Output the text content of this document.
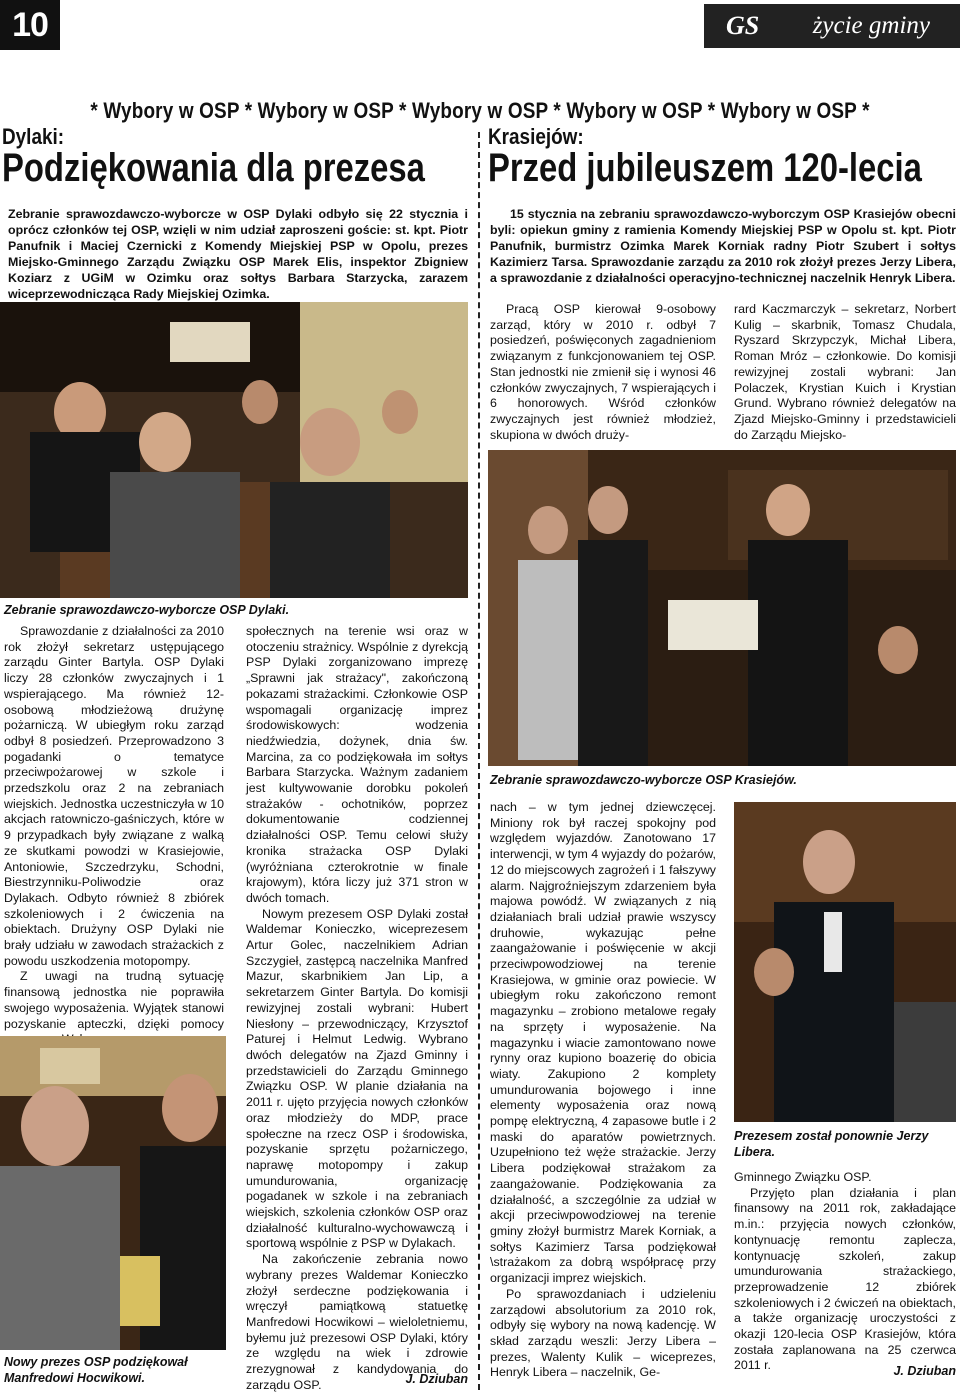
10	GS życie gminy
* Wybory w OSP * Wybory w OSP * Wybory w OSP * Wybory w OSP * Wybory w OSP *
Dylaki:
Podziękowania dla prezesa
Zebranie sprawozdawczo-wyborcze w OSP Dylaki odbyło się 22 stycznia i oprócz członków tej OSP, wzięli w nim udział zaproszeni goście: st. kpt. Piotr Panufnik i Maciej Czernicki z Komendy Miejskiej PSP w Opolu, prezes Miejsko-Gminnego Zarządu Związku OSP Marek Elis, inspektor Zbigniew Koziarz z UGiM w Ozimku oraz sołtys Barbara Starzycka, zarazem wiceprzewodnicząca Rady Miejskiej Ozimka.
Zebranie sprawozdawczo-wyborcze OSP Dylaki.

Sprawozdanie z działalności za 2010 rok złożył sekretarz ustępującego zarządu Ginter Bartyla. OSP Dylaki liczy 28 członków zwyczajnych i 1 wspierającego. Ma również 12-osobową młodzieżową drużynę pożarniczą. W ubiegłym roku zarząd odbył 8 posiedzeń. Przeprowadzono 3 pogadanki o tematyce przeciwpożarowej w szkole i przedszkolu oraz 2 na zebraniach wiejskich. Jednostka uczestniczyła w 10 akcjach ratowniczo-gaśniczych, które w 9 przypadkach były związane z walką ze skutkami powodzi w Krasiejowie, Antoniowie, Szczedrzyku, Schodni, Biestrzynniku-Poliwodzie oraz Dylakach. Odbyto również 8 zbiórek szkoleniowych i 2 ćwiczenia na obiektach. Drużyny OSP Dylaki nie brały udziału w zawodach strażackich z powodu uszkodzenia motopompy.

Z uwagi na trudną sytuację finansową jednostka nie poprawiła swojego wyposażenia. Wyjątek stanowi pozyskanie apteczki, dzięki pomocy

Nowy prezes OSP podziękował Manfredowi Hocwikowi.

społecznych na terenie wsi oraz w otoczeniu strażnicy. Wspólnie z dyrekcją PSP Dylaki zorganizowano imprezę „Sprawni jak strażacy", zakończoną pokazami strażackimi. Członkowie OSP wspomagali organizację imprez środowiskowych: wodzenia niedźwiedzia, dożynek, dnia św. Marcina, za co podziękowała im sołtys Barbara Starzycka. Ważnym zadaniem jest kultywowanie dorobku pokoleń strażaków - ochotników, poprzez dokumentowanie codziennej działalności OSP. Temu celowi służy kronika strażacka OSP Dylaki (wyróżniana czterokrotnie w finale krajowym), która liczy już 371 stron w dwóch tomach.

Nowym prezesem OSP Dylaki został Waldemar Konieczko, wiceprezesem Artur Golec, naczelnikiem Adrian Szczygieł, zastępcą naczelnika Manfred Mazur, skarbnikiem Jan Lip, a sekretarzem Ginter Bartyla. Do komisji rewizyjnej zostali wybrani: Hubert Niesłony – przewodniczący, Krzysztof Paturej i Helmut Ledwig. Wybrano dwóch delegatów na Zjazd Gminny i przedstawicieli do Zarządu Gminnego Związku OSP. W planie działania na 2011 r. ujęto przyjęcia nowych członków oraz młodzieży do MDP, prace społeczne na rzecz OSP i środowiska, pozyskanie sprzętu pożarniczego, naprawę motopompy i zakup umundurowania, organizację pogadanek w szkole i na zebraniach wiejskich, szkolenia członków OSP oraz działalność kulturalno-wychowawczą i sportową wspólnie z PSP w Dylakach.

Na zakończenie zebrania nowo wybrany prezes Waldemar Konieczko złożył serdeczne podziękowania i wręczył pamiątkową statuetkę Manfredowi Hocwikowi – wieloletniemu, byłemu już prezesowi OSP Dylaki, który ze względu na wiek i zdrowie zrezygnował z kandydowania do zarządu OSP.	J. Dziuban
Krasiejów:
Przed jubileuszem 120-lecia
15 stycznia na zebraniu sprawozdawczo-wyborczym OSP Krasiejów obecni byli: opiekun gminy z ramienia Komendy Miejskiej PSP w Opolu st. kpt. Piotr Panufnik, burmistrz Ozimka Marek Korniak radny Piotr Szubert i sołtys Kazimierz Tarsa. Sprawozdanie zarządu za 2010 rok złożył prezes Jerzy Libera, a sprawozdanie z działalności operacyjno-technicznej naczelnik Henryk Libera.

Pracą OSP kierował 9-osobowy zarząd, który w 2010 r. odbył 7 posiedzeń, poświęconych zagadnieniom związanym z funkcjonowaniem tej OSP. Stan jednostki nie zmienił się i wynosi 46 członków zwyczajnych, 7 wspierających i 6 honorowych. Wśród członków zwyczajnych jest również młodzież, skupiona w dwóch druży-

rard Kaczmarczyk – sekretarz, Norbert Kulig – skarbnik, Tomasz Chudala, Ryszard Skrzypczyk, Michał Libera, Roman Mróz – członkowie. Do komisji rewizyjnej zostali wybrani: Jan Polaczek, Krystian Kuich i Krystian Grund. Wybrano również delegatów na Zjazd Miejsko-Gminny i przedstawicieli do Zarządu Miejsko-

Zebranie sprawozdawczo-wyborcze OSP Krasiejów.

nach – w tym jednej dziewczęcej. Miniony rok był raczej spokojny pod względem wyjazdów. Zanotowano 17 interwencji, w tym 4 wyjazdy do pożarów, 12 do miejscowych zagrożeń i 1 fałszywy alarm. Najgroźniejszym zdarzeniem była majowa powódź. W związanych z nią działaniach brali udział prawie wszyscy druhowie, wykazując pełne zaangażowanie i poświęcenie w akcji przeciwpowodziowej na terenie Krasiejowa, w gminie oraz powiecie. W ubiegłym roku zakończono remont magazynku – zrobiono metalowe regały na sprzęty i wyposażenie. Na magazynku i wiacie zamontowano nowe rynny oraz kupiono boazerię do obicia wiaty. Zakupiono 2 komplety umundurowania bojowego i inne elementy wyposażenia oraz nową pompę elektryczną, 4 zapasowe butle i 2 maski do aparatów powietrznych. Uzupełniono też węże strażackie. Jerzy Libera podziękował strażakom za zaangażowanie. Podziękowania za działalność, a szczególnie za udział w akcji przeciwpowodziowej na terenie gminy złożył burmistrz Marek Korniak, a sołtys Kazimierz Tarsa podziękował \strażakom za dobrą współpracę przy organizacji imprez wiejskich.

Po sprawozdaniach i udzieleniu zarządowi absolutorium za 2010 rok, odbyły się wybory na nową kadencję. W skład zarządu weszli: Jerzy Libera – prezes, Walenty Kulik – wiceprezes, Henryk Libera – naczelnik, Ge-

Prezesem został ponownie Jerzy Libera.

Gminnego Związku OSP.

Przyjęto plan działania i plan finansowy na 2011 rok, zakładające m.in.: przyjęcia nowych członków, kontynuację remontu zaplecza, kontynuację szkoleń, zakup umundurowania strażackiego, przeprowadzenie 12 zbiórek szkoleniowych i 2 ćwiczeń na obiektach, a także organizację uroczystości z okazji 120-lecia OSP Krasiejów, która została zaplanowana na 25 czerwca 2011 r.	J. Dziuban
